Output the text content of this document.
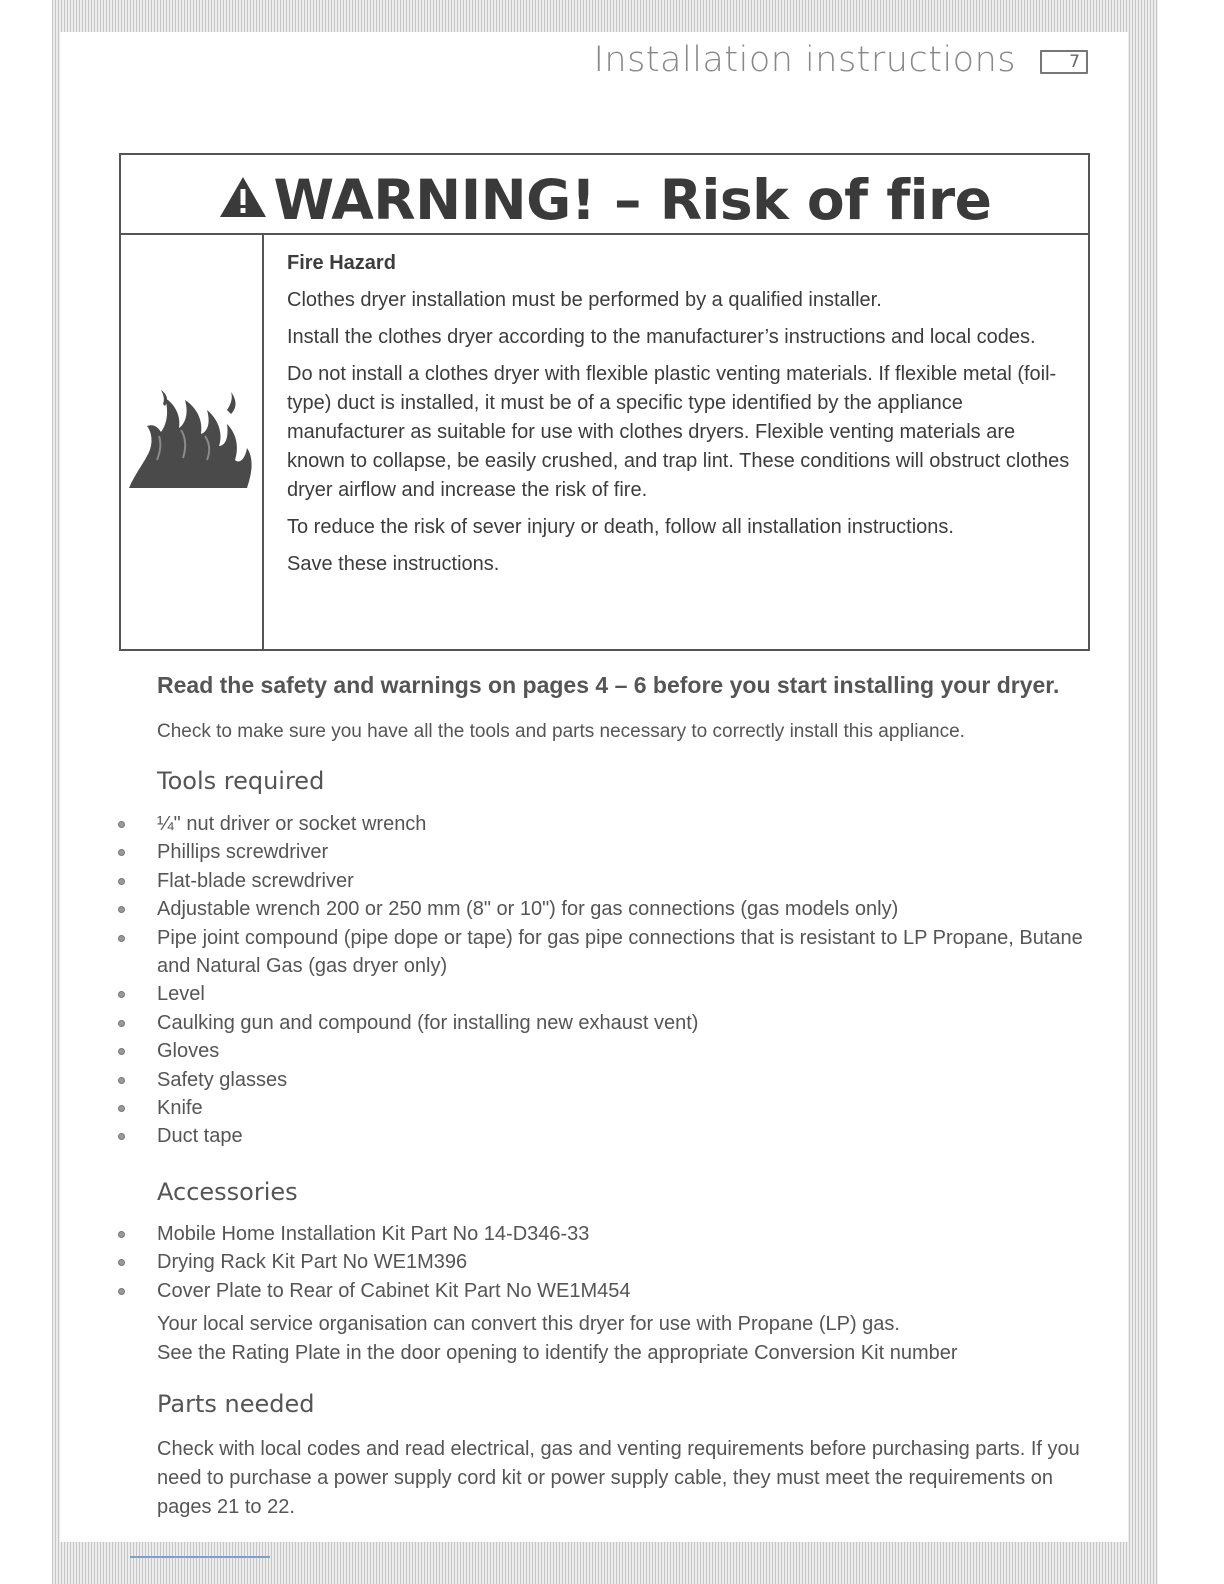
Installation instructions	7
WARNING! – Risk of fire

Fire Hazard

Clothes dryer installation must be performed by a qualified installer.

Install the clothes dryer according to the manufacturer’s instructions and local codes.

Do not install a clothes dryer with flexible plastic venting materials. If flexible metal (foil-type) duct is installed, it must be of a specific type identified by the appliance manufacturer as suitable for use with clothes dryers. Flexible venting materials are known to collapse, be easily crushed, and trap lint. These conditions will obstruct clothes dryer airflow and increase the risk of fire.

To reduce the risk of sever injury or death, follow all installation instructions.

Save these instructions.

Read the safety and warnings on pages 4 – 6 before you start installing your dryer.
Check to make sure you have all the tools and parts necessary to correctly install this appliance.
Tools required
¼" nut driver or socket wrench
Phillips screwdriver
Flat-blade screwdriver
Adjustable wrench 200 or 250 mm (8" or 10") for gas connections (gas models only)
Pipe joint compound (pipe dope or tape) for gas pipe connections that is resistant to LP Propane, Butane and Natural Gas (gas dryer only)
Level
Caulking gun and compound (for installing new exhaust vent)
Gloves
Safety glasses
Knife
Duct tape
Accessories
Mobile Home Installation Kit Part No 14-D346-33
Drying Rack Kit Part No WE1M396
Cover Plate to Rear of Cabinet Kit Part No WE1M454

Your local service organisation can convert this dryer for use with Propane (LP) gas.

See the Rating Plate in the door opening to identify the appropriate Conversion Kit number

Parts needed

Check with local codes and read electrical, gas and venting requirements before purchasing parts. If you need to purchase a power supply cord kit or power supply cable, they must meet the requirements on pages 21 to 22.
